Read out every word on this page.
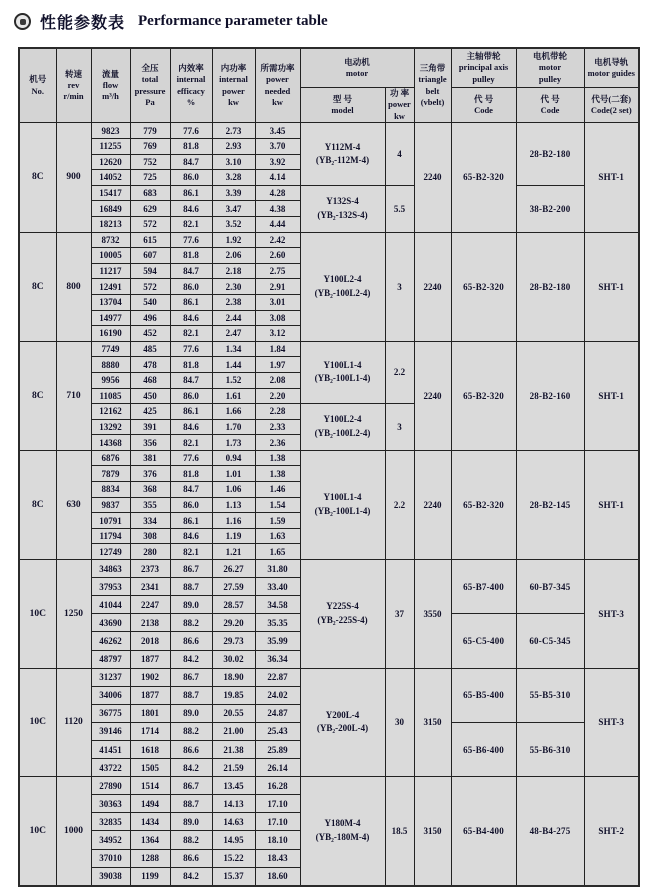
性能参数表 Performance parameter table
机号
No.	转速
rev
r/min	流量
flow
m³/h	全压
total
pressure
Pa	内效率
internal
efficacy
%	内功率
internal
power
kw	所需功率
power
needed
kw	电动机
motor		三角带
triangle
belt
(vbelt)	主轴带轮
principal axis
pulley	电机带轮
motor
pulley	电机导轨
motor guides
							型 号
model	功 率
power
kw		代 号
Code	代 号
Code	代号(二套)
Code(2 set)
8C	900	9823	779	77.6	2.73	3.45	Y112M-4
(YB₂-112M-4)	4	2240	65-B2-320	28-B2-180	SHT-1
		11255	769	81.8	2.93	3.70						
		12620	752	84.7	3.10	3.92						
		14052	725	86.0	3.28	4.14						
		15417	683	86.1	3.39	4.28	Y132S-4
(YB₂-132S-4)	5.5			38-B2-200	
		16849	629	84.6	3.47	4.38						
		18213	572	82.1	3.52	4.44						
8C	800	8732	615	77.6	1.92	2.42	Y100L2-4
(YB₂-100L2-4)	3	2240	65-B2-320	28-B2-180	SHT-1
		10005	607	81.8	2.06	2.60						
		11217	594	84.7	2.18	2.75						
		12491	572	86.0	2.30	2.91						
		13704	540	86.1	2.38	3.01						
		14977	496	84.6	2.44	3.08						
		16190	452	82.1	2.47	3.12						
8C	710	7749	485	77.6	1.34	1.84	Y100L1-4
(YB₂-100L1-4)	2.2	2240	65-B2-320	28-B2-160	SHT-1
		8880	478	81.8	1.44	1.97						
		9956	468	84.7	1.52	2.08						
		11085	450	86.0	1.61	2.20						
		12162	425	86.1	1.66	2.28	Y100L2-4
(YB₂-100L2-4)	3				
		13292	391	84.6	1.70	2.33						
		14368	356	82.1	1.73	2.36						
8C	630	6876	381	77.6	0.94	1.38	Y100L1-4
(YB₂-100L1-4)	2.2	2240	65-B2-320	28-B2-145	SHT-1
		7879	376	81.8	1.01	1.38						
		8834	368	84.7	1.06	1.46						
		9837	355	86.0	1.13	1.54						
		10791	334	86.1	1.16	1.59						
		11794	308	84.6	1.19	1.63						
		12749	280	82.1	1.21	1.65						
10C	1250	34863	2373	86.7	26.27	31.80	Y225S-4
(YB₂-225S-4)	37	3550	65-B7-400	60-B7-345	SHT-3
		37953	2341	88.7	27.59	33.40						
		41044	2247	89.0	28.57	34.58						
		43690	2138	88.2	29.20	35.35				65-C5-400	60-C5-345	
		46262	2018	86.6	29.73	35.99						
		48797	1877	84.2	30.02	36.34						
10C	1120	31237	1902	86.7	18.90	22.87	Y200L-4
(YB₂-200L-4)	30	3150	65-B5-400	55-B5-310	SHT-3
		34006	1877	88.7	19.85	24.02						
		36775	1801	89.0	20.55	24.87						
		39146	1714	88.2	21.00	25.43				65-B6-400	55-B6-310	
		41451	1618	86.6	21.38	25.89						
		43722	1505	84.2	21.59	26.14						
10C	1000	27890	1514	86.7	13.45	16.28	Y180M-4
(YB₂-180M-4)	18.5	3150	65-B4-400	48-B4-275	SHT-2
		30363	1494	88.7	14.13	17.10						
		32835	1434	89.0	14.63	17.10						
		34952	1364	88.2	14.95	18.10						
		37010	1288	86.6	15.22	18.43						
		39038	1199	84.2	15.37	18.60						
